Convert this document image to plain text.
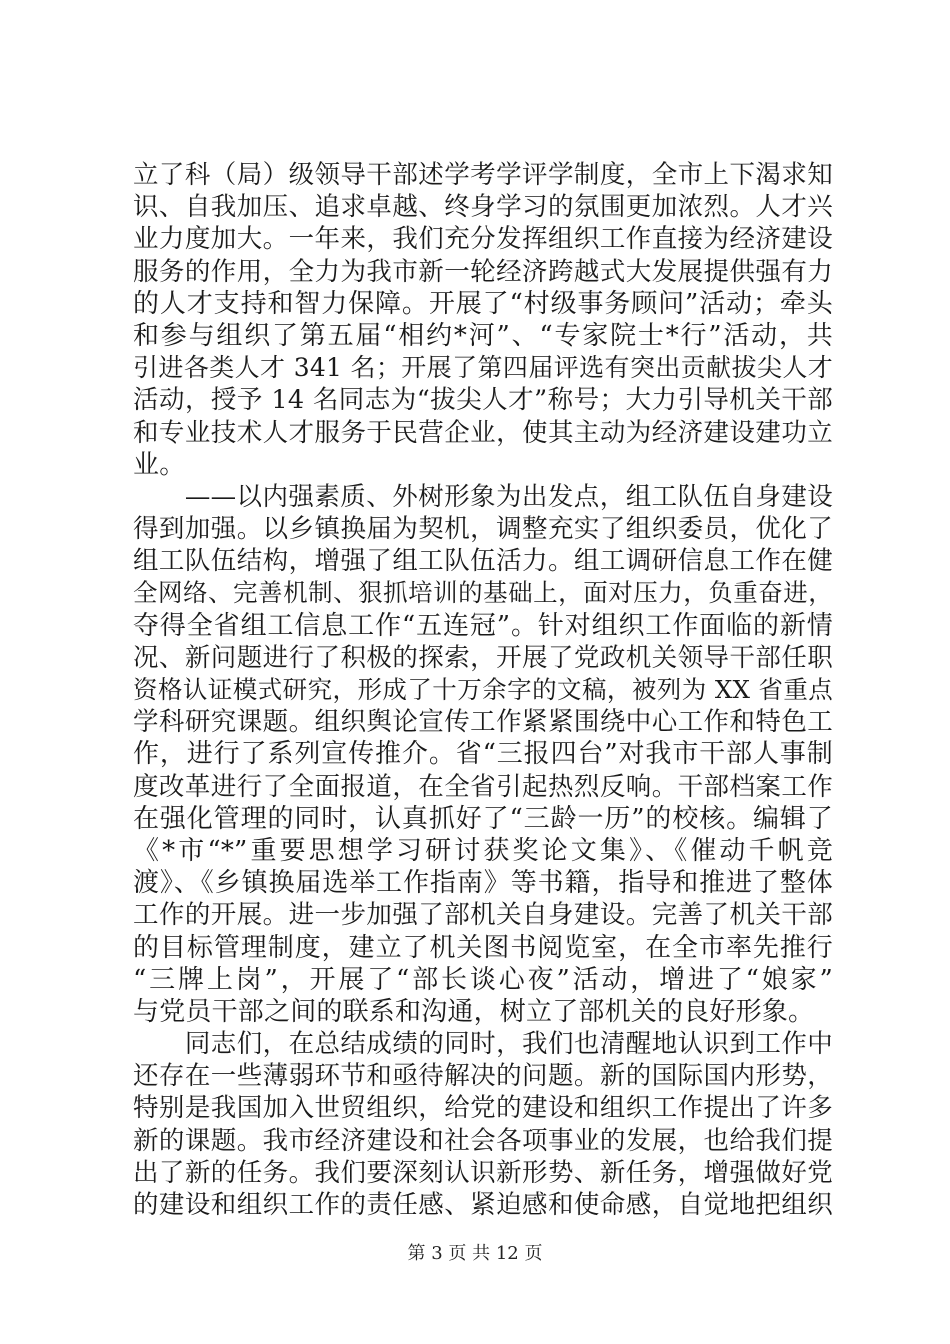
立了科（局）级领导干部述学考学评学制度，全市上下渴求知
识、自我加压、追求卓越、终身学习的氛围更加浓烈。人才兴
业力度加大。一年来，我们充分发挥组织工作直接为经济建设
服务的作用，全力为我市新一轮经济跨越式大发展提供强有力
的人才支持和智力保障。开展了“村级事务顾问”活动；牵头
和参与组织了第五届“相约*河”、“专家院士*行”活动，共
引进各类人才 341 名；开展了第四届评选有突出贡献拔尖人才
活动，授予 14 名同志为“拔尖人才”称号；大力引导机关干部
和专业技术人才服务于民营企业，使其主动为经济建设建功立
业。
　　——以内强素质、外树形象为出发点，组工队伍自身建设
得到加强。以乡镇换届为契机，调整充实了组织委员，优化了
组工队伍结构，增强了组工队伍活力。组工调研信息工作在健
全网络、完善机制、狠抓培训的基础上，面对压力，负重奋进，
夺得全省组工信息工作“五连冠”。针对组织工作面临的新情
况、新问题进行了积极的探索，开展了党政机关领导干部任职
资格认证模式研究，形成了十万余字的文稿，被列为 XX 省重点
学科研究课题。组织舆论宣传工作紧紧围绕中心工作和特色工
作，进行了系列宣传推介。省“三报四台”对我市干部人事制
度改革进行了全面报道，在全省引起热烈反响。干部档案工作
在强化管理的同时，认真抓好了“三龄一历”的校核。编辑了
《*市“*”重要思想学习研讨获奖论文集》、《催动千帆竞
渡》、《乡镇换届选举工作指南》等书籍，指导和推进了整体
工作的开展。进一步加强了部机关自身建设。完善了机关干部
的目标管理制度，建立了机关图书阅览室，在全市率先推行
“三牌上岗”，开展了“部长谈心夜”活动，增进了“娘家”
与党员干部之间的联系和沟通，树立了部机关的良好形象。
　　同志们，在总结成绩的同时，我们也清醒地认识到工作中
还存在一些薄弱环节和亟待解决的问题。新的国际国内形势，
特别是我国加入世贸组织，给党的建设和组织工作提出了许多
新的课题。我市经济建设和社会各项事业的发展，也给我们提
出了新的任务。我们要深刻认识新形势、新任务，增强做好党
的建设和组织工作的责任感、紧迫感和使命感，自觉地把组织
第 3 页 共 12 页
